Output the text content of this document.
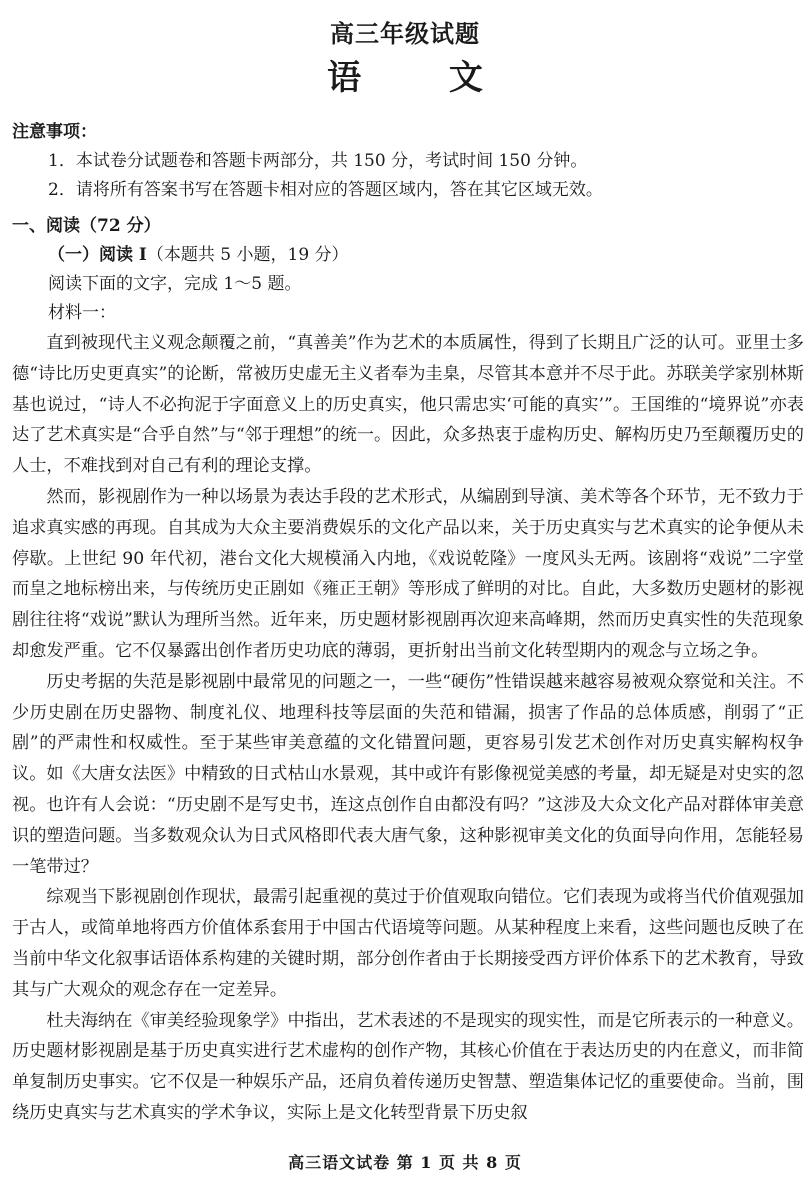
高三年级试题
语 文
注意事项：
1．本试卷分试题卷和答题卡两部分，共 150 分，考试时间 150 分钟。
2．请将所有答案书写在答题卡相对应的答题区域内，答在其它区域无效。
一、阅读（72 分）
（一）阅读 I（本题共 5 小题，19 分）
阅读下面的文字，完成 1～5 题。
材料一：

直到被现代主义观念颠覆之前，“真善美”作为艺术的本质属性，得到了长期且广泛的认可。亚里士多德“诗比历史更真实”的论断，常被历史虚无主义者奉为圭臬，尽管其本意并不尽于此。苏联美学家别林斯基也说过，“诗人不必拘泥于字面意义上的历史真实，他只需忠实‘可能的真实’”。王国维的“境界说”亦表达了艺术真实是“合乎自然”与“邻于理想”的统一。因此，众多热衷于虚构历史、解构历史乃至颠覆历史的人士，不难找到对自己有利的理论支撑。

然而，影视剧作为一种以场景为表达手段的艺术形式，从编剧到导演、美术等各个环节，无不致力于追求真实感的再现。自其成为大众主要消费娱乐的文化产品以来，关于历史真实与艺术真实的论争便从未停歇。上世纪 90 年代初，港台文化大规模涌入内地，《戏说乾隆》一度风头无两。该剧将“戏说”二字堂而皇之地标榜出来，与传统历史正剧如《雍正王朝》等形成了鲜明的对比。自此，大多数历史题材的影视剧往往将“戏说”默认为理所当然。近年来，历史题材影视剧再次迎来高峰期，然而历史真实性的失范现象却愈发严重。它不仅暴露出创作者历史功底的薄弱，更折射出当前文化转型期内的观念与立场之争。

历史考据的失范是影视剧中最常见的问题之一，一些“硬伤”性错误越来越容易被观众察觉和关注。不少历史剧在历史器物、制度礼仪、地理科技等层面的失范和错漏，损害了作品的总体质感，削弱了“正剧”的严肃性和权威性。至于某些审美意蕴的文化错置问题，更容易引发艺术创作对历史真实解构权争议。如《大唐女法医》中精致的日式枯山水景观，其中或许有影像视觉美感的考量，却无疑是对史实的忽视。也许有人会说：“历史剧不是写史书，连这点创作自由都没有吗？”这涉及大众文化产品对群体审美意识的塑造问题。当多数观众认为日式风格即代表大唐气象，这种影视审美文化的负面导向作用，怎能轻易一笔带过？

综观当下影视剧创作现状，最需引起重视的莫过于价值观取向错位。它们表现为或将当代价值观强加于古人，或简单地将西方价值体系套用于中国古代语境等问题。从某种程度上来看，这些问题也反映了在当前中华文化叙事话语体系构建的关键时期，部分创作者由于长期接受西方评价体系下的艺术教育，导致其与广大观众的观念存在一定差异。

杜夫海纳在《审美经验现象学》中指出，艺术表述的不是现实的现实性，而是它所表示的一种意义。历史题材影视剧是基于历史真实进行艺术虚构的创作产物，其核心价值在于表达历史的内在意义，而非简单复制历史事实。它不仅是一种娱乐产品，还肩负着传递历史智慧、塑造集体记忆的重要使命。当前，围绕历史真实与艺术真实的学术争议，实际上是文化转型背景下历史叙

高三语文试卷 第 1 页 共 8 页
